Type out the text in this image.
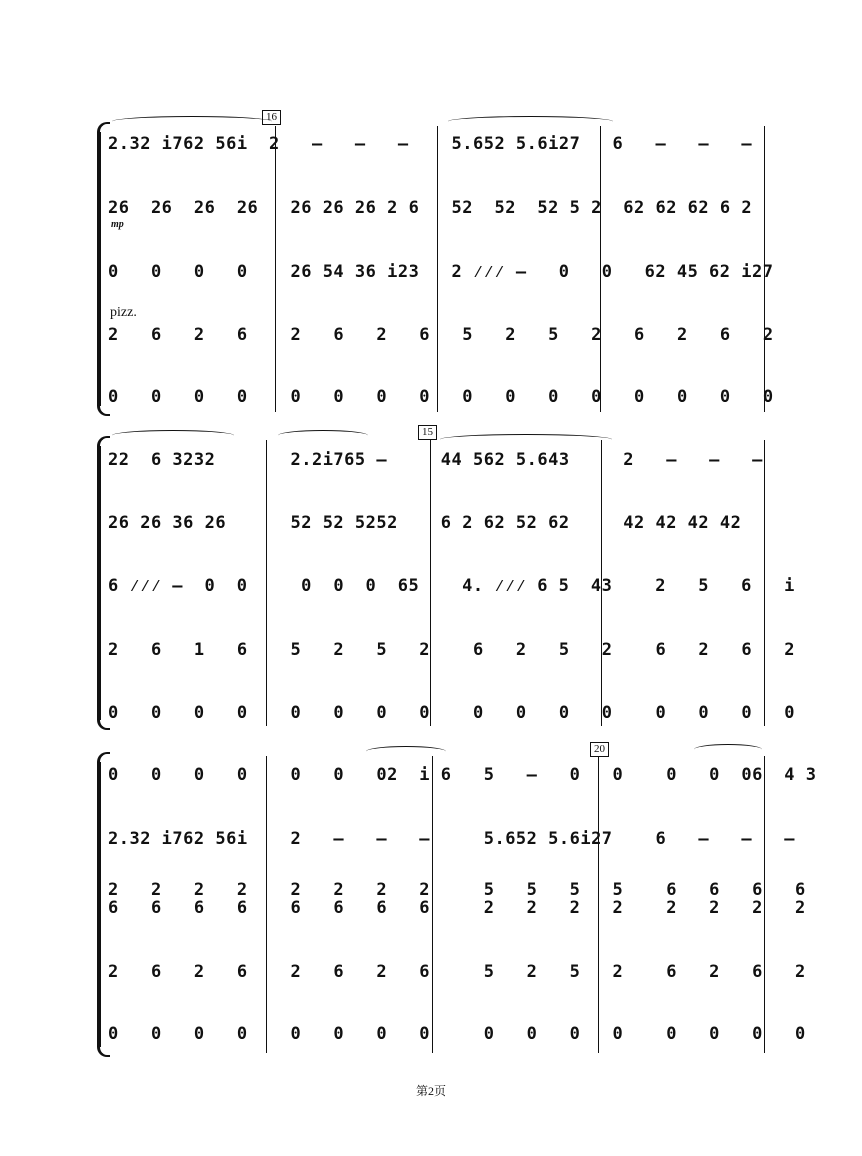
16
2.32 i762 56i  2   –   –   –    5.652 5.6i27   6   –   –   –
26  26  26  26   26 26 26 2 6   52  52  52 5 2  62 62 62 6 2
mp
0   0   0   0    26 54 36 i23   2 ⁄⁄⁄ –   0   0   62 45 62 i27
pizz.
2   6   2   6    2   6   2   6   5   2   5   2   6   2   6   2
0   0   0   0    0   0   0   0   0   0   0   0   0   0   0   0
15
22  6 3232       2.2i765 –     44 562 5.643     2   –   –   –
26 26 36 26      52 52 5252    6 2 62 52 62     42 42 42 42
6 ⁄⁄⁄ –  0  0     0  0  0  65    4. ⁄⁄⁄ 6 5  43    2   5   6   i
2   6   1   6    5   2   5   2    6   2   5   2    6   2   6   2
0   0   0   0    0   0   0   0    0   0   0   0    0   0   0   0
20
0   0   0   0    0   0   02  i 6   5   –   0   0    0   0  06  4 3
2.32 i762 56i    2   –   –   –     5.652 5.6i27    6   –   –   –
2   2   2   2    2   2   2   2     5   5   5   5    6   6   6   6
6   6   6   6    6   6   6   6     2   2   2   2    2   2   2   2
2   6   2   6    2   6   2   6     5   2   5   2    6   2   6   2
0   0   0   0    0   0   0   0     0   0   0   0    0   0   0   0
第2页
